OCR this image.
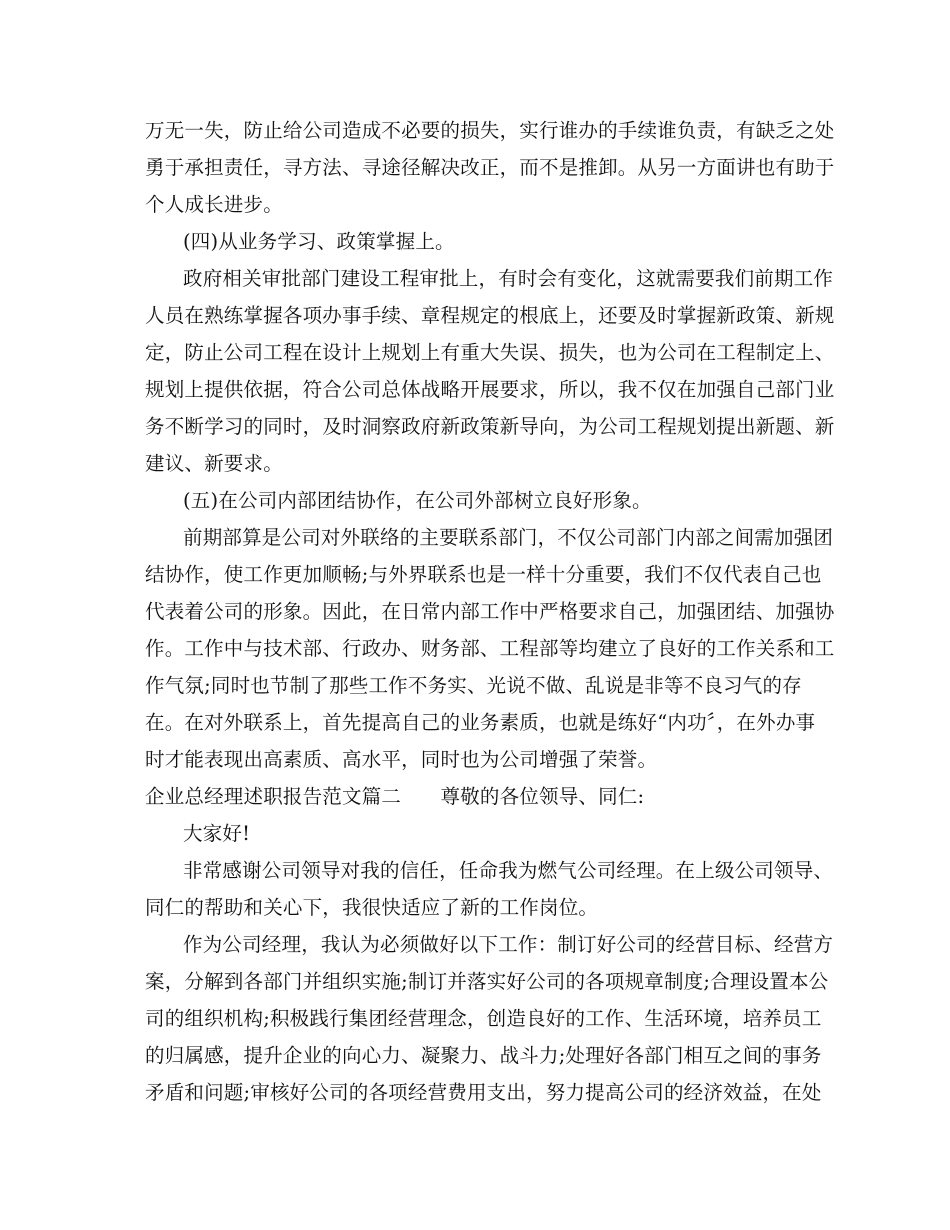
万无一失，防止给公司造成不必要的损失，实行谁办的手续谁负责，有缺乏之处
勇于承担责任，寻方法、寻途径解决改正，而不是推卸。从另一方面讲也有助于
个人成长进步。
(四)从业务学习、政策掌握上。
政府相关审批部门建设工程审批上，有时会有变化，这就需要我们前期工作
人员在熟练掌握各项办事手续、章程规定的根底上，还要及时掌握新政策、新规
定，防止公司工程在设计上规划上有重大失误、损失，也为公司在工程制定上、
规划上提供依据，符合公司总体战略开展要求，所以，我不仅在加强自己部门业
务不断学习的同时，及时洞察政府新政策新导向，为公司工程规划提出新题、新
建议、新要求。
(五)在公司内部团结协作，在公司外部树立良好形象。
前期部算是公司对外联络的主要联系部门，不仅公司部门内部之间需加强团
结协作，使工作更加顺畅;与外界联系也是一样十分重要，我们不仅代表自己也
代表着公司的形象。因此，在日常内部工作中严格要求自己，加强团结、加强协
作。工作中与技术部、行政办、财务部、工程部等均建立了良好的工作关系和工
作气氛;同时也节制了那些工作不务实、光说不做、乱说是非等不良习气的存
在。在对外联系上，首先提高自己的业务素质，也就是练好“内功〞，在外办事
时才能表现出高素质、高水平，同时也为公司增强了荣誉。
企业总经理述职报告范文篇二　　尊敬的各位领导、同仁:
大家好!
非常感谢公司领导对我的信任，任命我为燃气公司经理。在上级公司领导、
同仁的帮助和关心下，我很快适应了新的工作岗位。
作为公司经理，我认为必须做好以下工作：制订好公司的经营目标、经营方
案，分解到各部门并组织实施;制订并落实好公司的各项规章制度;合理设置本公
司的组织机构;积极践行集团经营理念，创造良好的工作、生活环境，培养员工
的归属感，提升企业的向心力、凝聚力、战斗力;处理好各部门相互之间的事务
矛盾和问题;审核好公司的各项经营费用支出，努力提高公司的经济效益，在处
